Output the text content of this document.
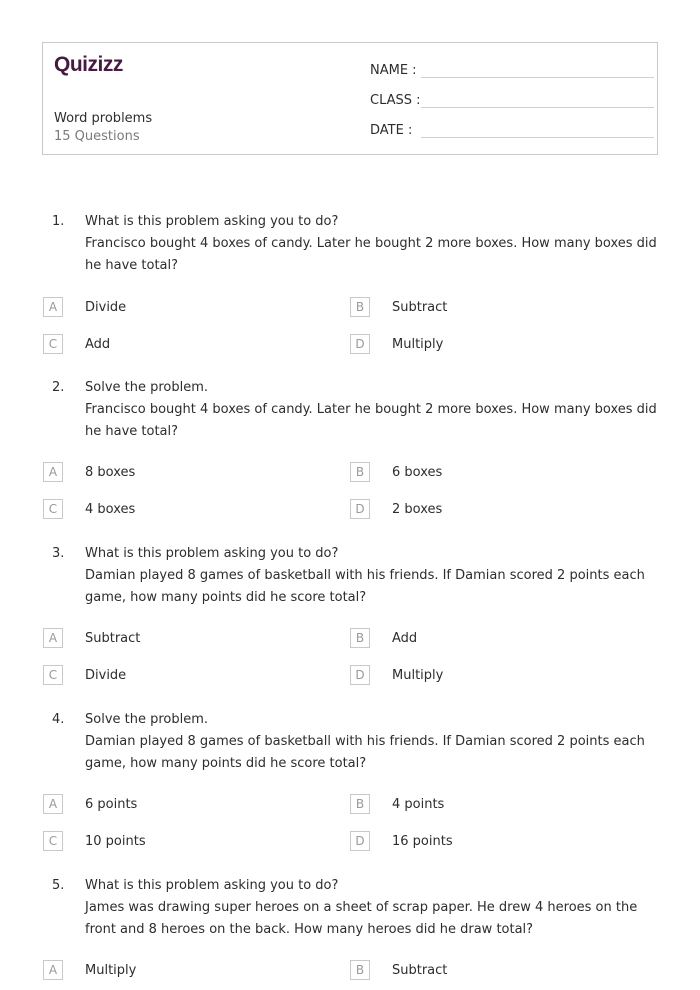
Quizizz
Word problems
15 Questions
NAME :
CLASS :
DATE :
1. What is this problem asking you to do?
Francisco bought 4 boxes of candy. Later he bought 2 more boxes. How many boxes did he have total?
A	Divide	B	Subtract
C	Add	D	Multiply
2. Solve the problem.
Francisco bought 4 boxes of candy. Later he bought 2 more boxes. How many boxes did he have total?
A	8 boxes	B	6 boxes
C	4 boxes	D	2 boxes
3. What is this problem asking you to do?
Damian played 8 games of basketball with his friends. If Damian scored 2 points each game, how many points did he score total?
A	Subtract	B	Add
C	Divide	D	Multiply
4. Solve the problem.
Damian played 8 games of basketball with his friends. If Damian scored 2 points each game, how many points did he score total?
A	6 points	B	4 points
C	10 points	D	16 points
5. What is this problem asking you to do?
James was drawing super heroes on a sheet of scrap paper. He drew 4 heroes on the front and 8 heroes on the back. How many heroes did he draw total?
A	Multiply	B	Subtract
